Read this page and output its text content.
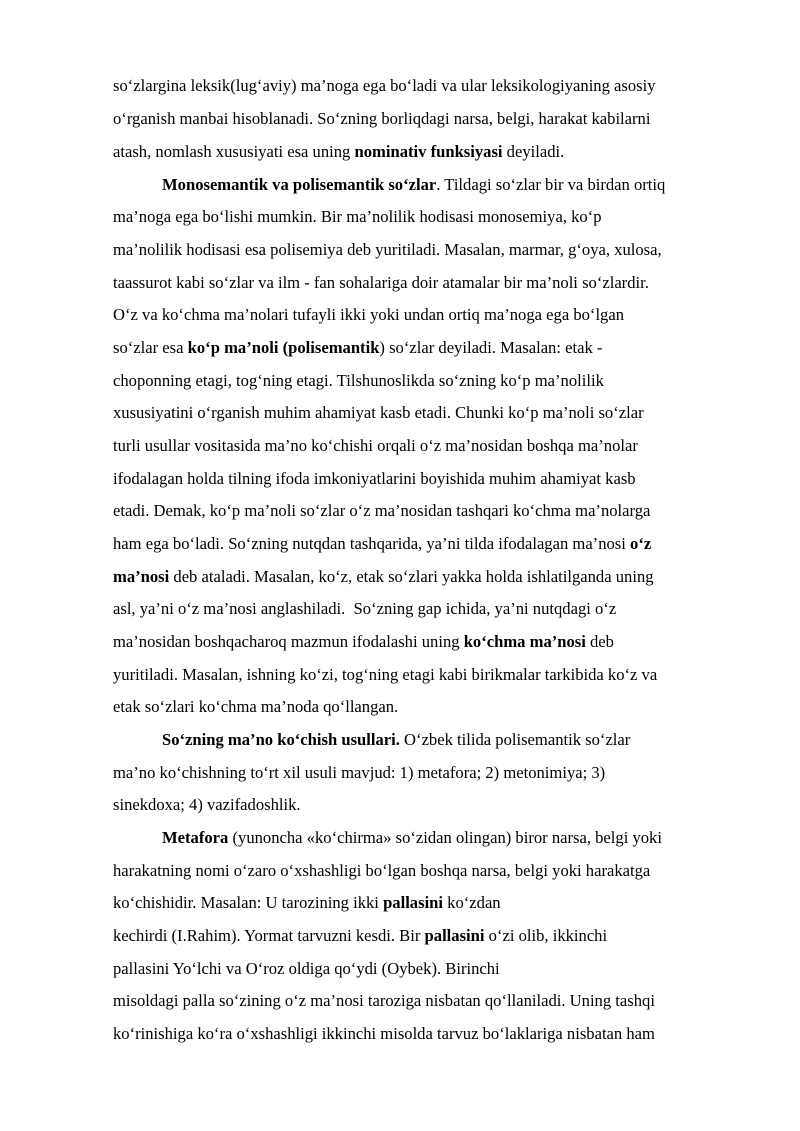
so‘zlargina leksik(lug‘aviy) ma’noga ega bo‘ladi va ular leksikologiyaning asosiy
o‘rganish manbai hisoblanadi. So‘zning borliqdagi narsa, belgi, harakat kabilarni
atash, nomlash xususiyati esa uning nominativ funksiyasi deyiladi.
Monosemantik va polisemantik so‘zlar. Tildagi so‘zlar bir va birdan ortiq
ma’noga ega bo‘lishi mumkin. Bir ma’nolilik hodisasi monosemiya, ko‘p
ma’nolilik hodisasi esa polisemiya deb yuritiladi. Masalan, marmar, g‘oya, xulosa,
taassurot kabi so‘zlar va ilm - fan sohalariga doir atamalar bir ma’noli so‘zlardir.
O‘z va ko‘chma ma’nolari tufayli ikki yoki undan ortiq ma’noga ega bo‘lgan
so‘zlar esa ko‘p ma’noli (polisemantik) so‘zlar deyiladi. Masalan: etak -
choponning etagi, tog‘ning etagi. Tilshunoslikda so‘zning ko‘p ma’nolilik
xususiyatini o‘rganish muhim ahamiyat kasb etadi. Chunki ko‘p ma’noli so‘zlar
turli usullar vositasida ma’no ko‘chishi orqali o‘z ma’nosidan boshqa ma’nolar
ifodalagan holda tilning ifoda imkoniyatlarini boyishida muhim ahamiyat kasb
etadi. Demak, ko‘p ma’noli so‘zlar o‘z ma’nosidan tashqari ko‘chma ma’nolarga
ham ega bo‘ladi. So‘zning nutqdan tashqarida, ya’ni tilda ifodalagan ma’nosi o‘z
ma’nosi deb ataladi. Masalan, ko‘z, etak so‘zlari yakka holda ishlatilganda uning
asl, ya’ni o‘z ma’nosi anglashiladi.  So‘zning gap ichida, ya’ni nutqdagi o‘z
ma’nosidan boshqacharoq mazmun ifodalashi uning ko‘chma ma’nosi deb
yuritiladi. Masalan, ishning ko‘zi, tog‘ning etagi kabi birikmalar tarkibida ko‘z va
etak so‘zlari ko‘chma ma’noda qo‘llangan.
So‘zning ma’no ko‘chish usullari. O‘zbek tilida polisemantik so‘zlar
ma’no ko‘chishning to‘rt xil usuli mavjud: 1) metafora; 2) metonimiya; 3)
sinekdoxa; 4) vazifadoshlik.
Metafora (yunoncha «ko‘chirma» so‘zidan olingan) biror narsa, belgi yoki
harakatning nomi o‘zaro o‘xshashligi bo‘lgan boshqa narsa, belgi yoki harakatga
ko‘chishidir. Masalan: U tarozining ikki pallasini ko‘zdan
kechirdi (I.Rahim). Yormat tarvuzni kesdi. Bir pallasini o‘zi olib, ikkinchi
pallasini Yo‘lchi va O‘roz oldiga qo‘ydi (Oybek). Birinchi
misoldagi palla so‘zining o‘z ma’nosi taroziga nisbatan qo‘llaniladi. Uning tashqi
ko‘rinishiga ko‘ra o‘xshashligi ikkinchi misolda tarvuz bo‘laklariga nisbatan ham
